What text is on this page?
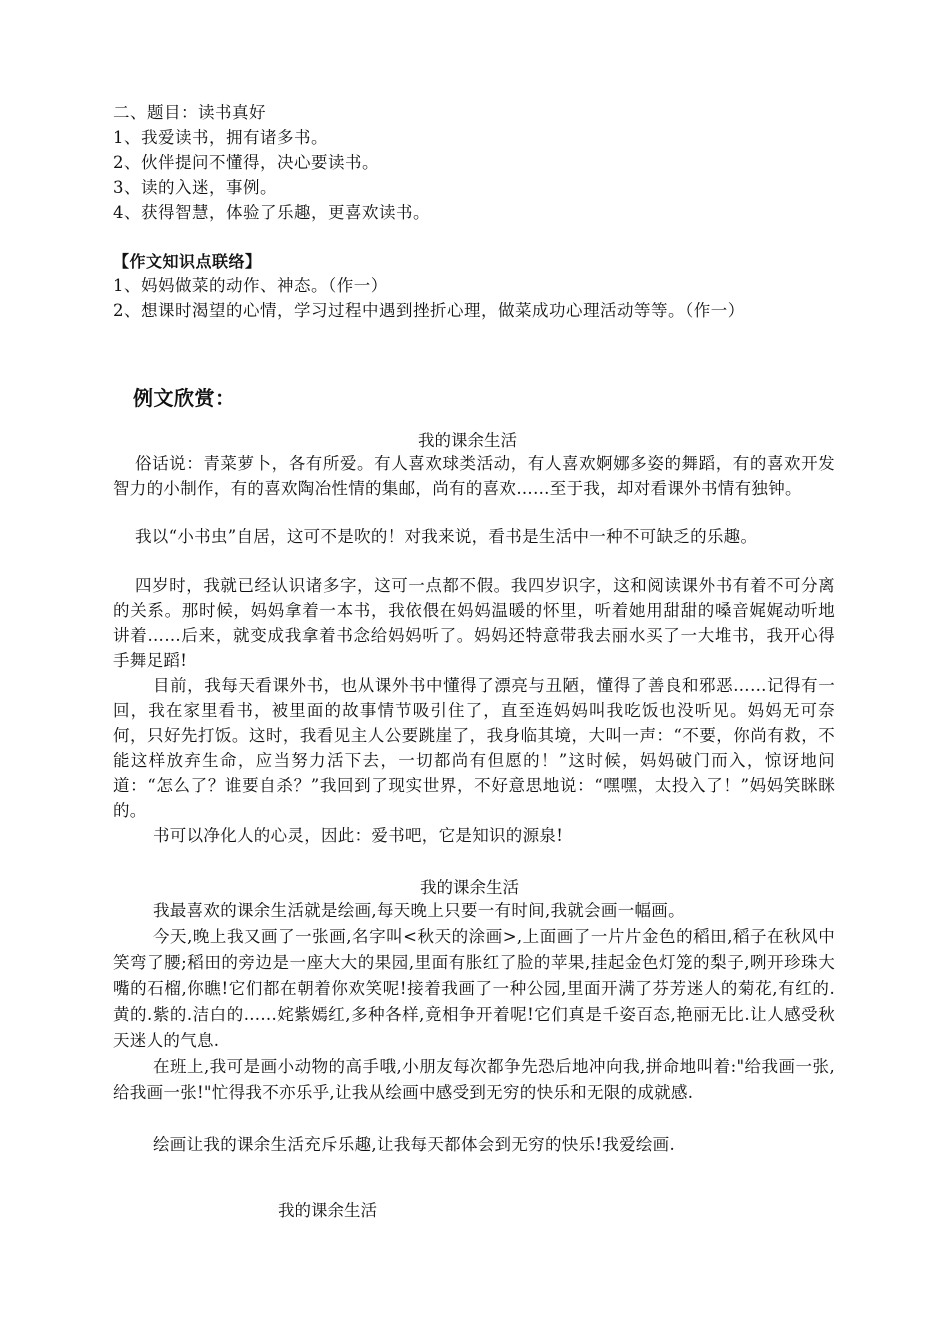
二、题目：读书真好
1、我爱读书，拥有诸多书。
2、伙伴提问不懂得，决心要读书。
3、读的入迷，事例。
4、获得智慧，体验了乐趣，更喜欢读书。
【作文知识点联络】
1、妈妈做菜的动作、神态。（作一）
2、想课时渴望的心情，学习过程中遇到挫折心理，做菜成功心理活动等等。（作一）
例文欣赏：
我的课余生活
俗话说：青菜萝卜，各有所爱。有人喜欢球类活动，有人喜欢婀娜多姿的舞蹈，有的喜欢开发智力的小制作，有的喜欢陶冶性情的集邮，尚有的喜欢……至于我，却对看课外书情有独钟。
我以“小书虫”自居，这可不是吹的！对我来说，看书是生活中一种不可缺乏的乐趣。
四岁时，我就已经认识诸多字，这可一点都不假。我四岁识字，这和阅读课外书有着不可分离的关系。那时候，妈妈拿着一本书，我依偎在妈妈温暖的怀里，听着她用甜甜的嗓音娓娓动听地讲着……后来，就变成我拿着书念给妈妈听了。妈妈还特意带我去丽水买了一大堆书，我开心得手舞足蹈!
目前，我每天看课外书，也从课外书中懂得了漂亮与丑陋，懂得了善良和邪恶……记得有一回，我在家里看书，被里面的故事情节吸引住了，直至连妈妈叫我吃饭也没听见。妈妈无可奈何，只好先打饭。这时，我看见主人公要跳崖了，我身临其境，大叫一声：“不要，你尚有救，不能这样放弃生命，应当努力活下去，一切都尚有但愿的！”这时候，妈妈破门而入，惊讶地问道：“怎么了？谁要自杀？”我回到了现实世界，不好意思地说：“嘿嘿，太投入了！”妈妈笑眯眯的。
书可以净化人的心灵，因此：爱书吧，它是知识的源泉!
我的课余生活
我最喜欢的课余生活就是绘画,每天晚上只要一有时间,我就会画一幅画。
今天,晚上我又画了一张画,名字叫<秋天的涂画>,上面画了一片片金色的稻田,稻子在秋风中笑弯了腰;稻田的旁边是一座大大的果园,里面有胀红了脸的苹果,挂起金色灯笼的梨子,咧开珍珠大嘴的石榴,你瞧!它们都在朝着你欢笑呢!接着我画了一种公园,里面开满了芬芳迷人的菊花,有红的.黄的.紫的.洁白的......姹紫嫣红,多种各样,竟相争开着呢!它们真是千姿百态,艳丽无比.让人感受秋天迷人的气息.
在班上,我可是画小动物的高手哦,小朋友每次都争先恐后地冲向我,拼命地叫着:"给我画一张,给我画一张!"忙得我不亦乐乎,让我从绘画中感受到无穷的快乐和无限的成就感.
绘画让我的课余生活充斥乐趣,让我每天都体会到无穷的快乐!我爱绘画.
我的课余生活
